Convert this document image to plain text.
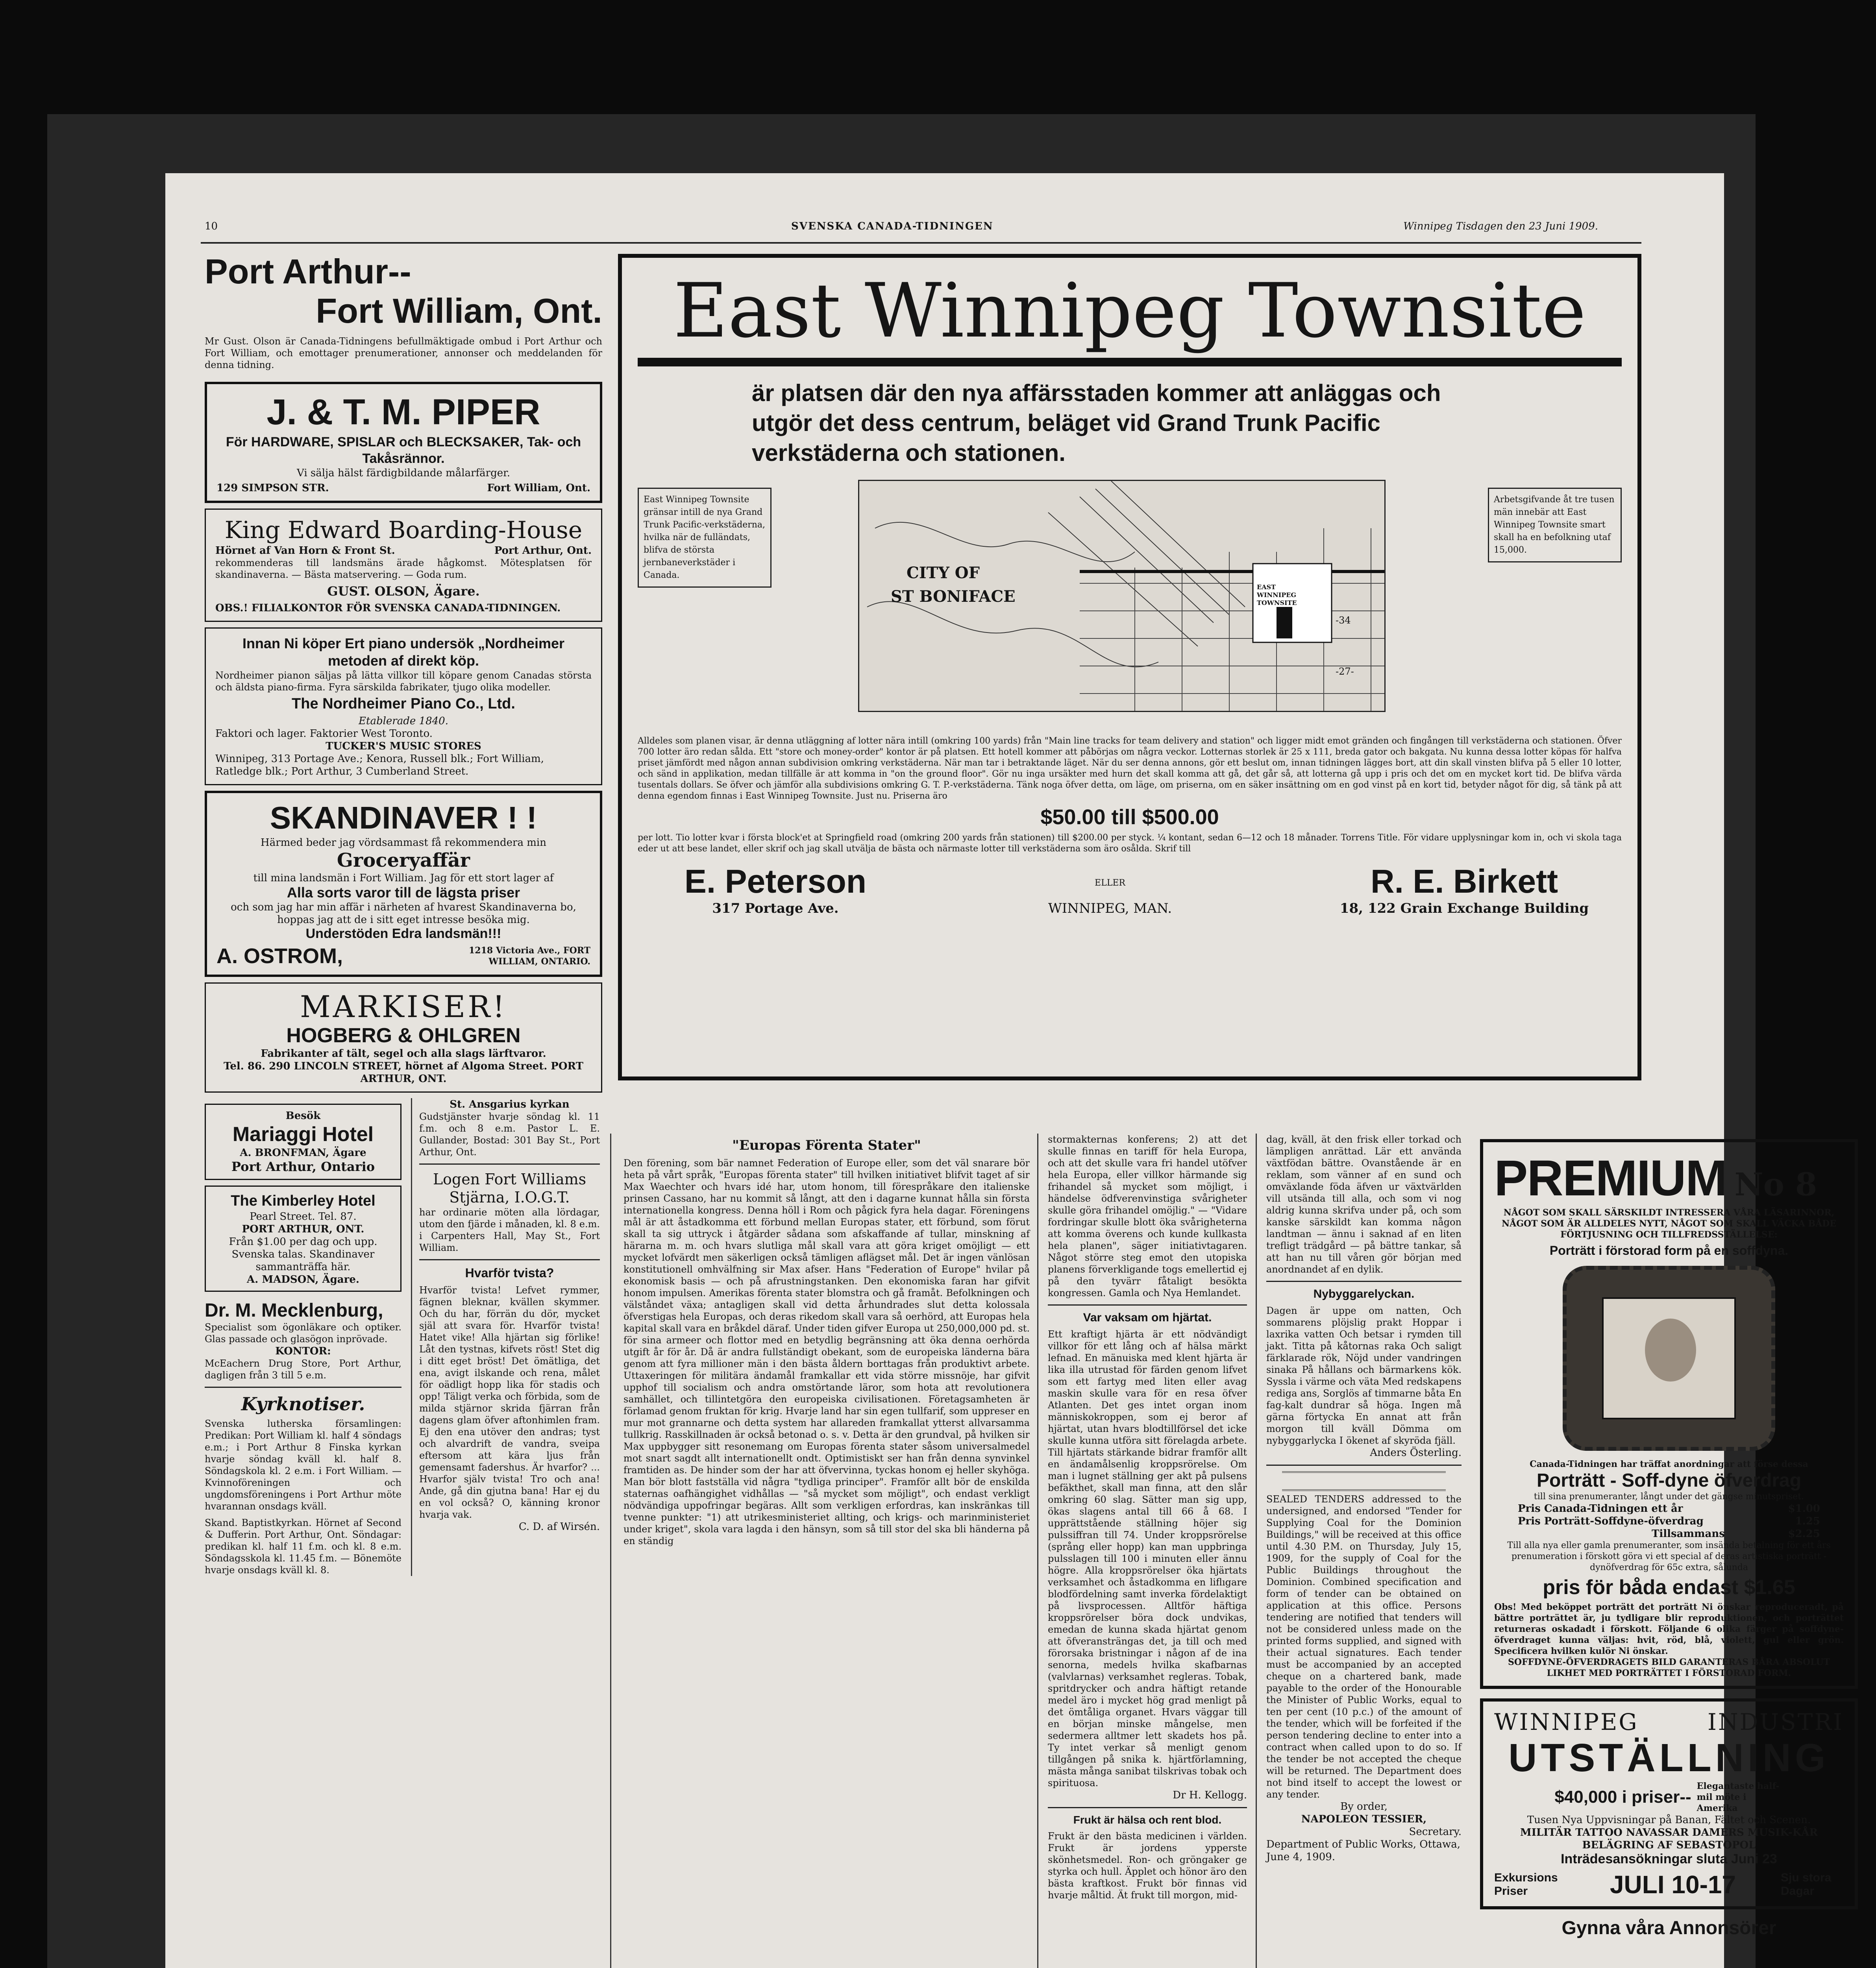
10	SVENSKA CANADA-TIDNINGEN	Winnipeg Tisdagen den 23 Juni 1909.
Port Arthur--
Fort William, Ont.
Mr Gust. Olson är Canada-Tidningens befullmäktigade ombud i Port Arthur och Fort William, och emottager prenumerationer, annonser och meddelanden för denna tidning.
J. & T. M. PIPER
För HARDWARE, SPISLAR och BLECKSAKER, Tak- och Takåsrännor.
Vi sälja hälst färdigbildande målarfärger.
129 SIMPSON STR.	Fort William, Ont.
King Edward Boarding-House
Hörnet af Van Horn & Front St.	Port Arthur, Ont.
rekommenderas till landsmäns ärade hågkomst. Mötesplatsen för skandinaverna. — Bästa matservering. — Goda rum.
GUST. OLSON, Ägare.
OBS.! FILIALKONTOR FÖR SVENSKA CANADA-TIDNINGEN.
Innan Ni köper Ert piano undersök „Nordheimer metoden af direkt köp.
Nordheimer pianon säljas på lätta villkor till köpare genom Canadas största och äldsta piano-firma. Fyra särskilda fabrikater, tjugo olika modeller.
The Nordheimer Piano Co., Ltd.
Etablerade 1840.
Faktori och lager. Faktorier West Toronto.
TUCKER'S MUSIC STORES
Winnipeg, 313 Portage Ave.; Kenora, Russell blk.; Fort William, Ratledge blk.; Port Arthur, 3 Cumberland Street.
SKANDINAVER ! !
Härmed beder jag vördsammast få rekommendera min
Groceryaffär
till mina landsmän i Fort William. Jag för ett stort lager af
Alla sorts varor till de lägsta priser
och som jag har min affär i närheten af hvarest Skandinaverna bo, hoppas jag att de i sitt eget intresse besöka mig.
Understöden Edra landsmän!!!
A. OSTROM,	1218 Victoria Ave., FORT WILLIAM, ONTARIO.
MARKISER!
HOGBERG & OHLGREN
Fabrikanter af tält, segel och alla slags lärftvaror.
Tel. 86. 290 LINCOLN STREET, hörnet af Algoma Street. PORT ARTHUR, ONT.
Besök
Mariaggi Hotel
A. BRONFMAN, Ägare
Port Arthur, Ontario
The Kimberley Hotel
Pearl Street. Tel. 87.
PORT ARTHUR, ONT.
Från $1.00 per dag och upp. Svenska talas. Skandinaver sammanträffa här.
A. MADSON, Ägare.
Dr. M. Mecklenburg,
Specialist som ögonläkare och optiker. Glas passade och glasögon inprövade.
KONTOR:
McEachern Drug Store, Port Arthur, dagligen från 3 till 5 e.m.
Kyrknotiser.
Svenska lutherska församlingen: Predikan: Port William kl. half 4 söndags e.m.; i Port Arthur 8 Finska kyrkan hvarje söndag kväll kl. half 8. Söndagskola kl. 2 e.m. i Fort William. — Kvinnoföreningen och ungdomsföreningens i Port Arthur möte hvarannan onsdags kväll.
Skand. Baptistkyrkan. Hörnet af Second & Dufferin. Port Arthur, Ont. Söndagar: predikan kl. half 11 f.m. och kl. 8 e.m. Söndagsskola kl. 11.45 f.m. — Bönemöte hvarje onsdags kväll kl. 8.
St. Ansgarius kyrkan
Gudstjänster hvarje söndag kl. 11 f.m. och 8 e.m. Pastor L. E. Gullander, Bostad: 301 Bay St., Port Arthur, Ont.
Logen Fort Williams Stjärna, I.O.G.T.
har ordinarie möten alla lördagar, utom den fjärde i månaden, kl. 8 e.m. i Carpenters Hall, May St., Fort William.
Hvarför tvista?
Hvarför tvista! Lefvet rymmer, fägnen bleknar, kvällen skymmer. Och du har, förrän du dör, mycket själ att svara för. Hvarför tvista! Hatet vike! Alla hjärtan sig förlike! Låt den tystnas, kifvets röst! Stet dig i ditt eget bröst! Det ömätliga, det ena, avigt ilskande och rena, målet för oädligt hopp lika för stadis och opp! Täligt verka och förbida, som de milda stjärnor skrida fjärran från dagens glam öfver aftonhimlen fram. Ej den ena utöver den andras; tyst och alvardrift de vandra, sveipa eftersom att kära ljus från gemensamt fadershus. Är hvarfor? ... Hvarfor själv tvista! Tro och ana! Ande, gå din gjutna bana! Har ej du en vol också? O, känning kronor hvarja vak.
C. D. af Wirsén.
East Winnipeg Townsite
är platsen där den nya affärsstaden kommer att anläggas och utgör det dess centrum, beläget vid Grand Trunk Pacific verkstäderna och stationen.
East Winnipeg Townsite gränsar intill de nya Grand Trunk Pacific-verkstäderna, hvilka när de fulländats, blifva de största jernbaneverkstäder i Canada.	CITY OF
ST BONIFACE
EAST WINNIPEG TOWNSITE
-34
-27-
Arbetsgifvande åt tre tusen män innebär att East Winnipeg Townsite smart skall ha en befolkning utaf 15,000.
Alldeles som planen visar, är denna utläggning af lotter nära intill (omkring 100 yards) från "Main line tracks for team delivery and station" och ligger midt emot gränden och fingången till verkstäderna och stationen. Öfver 700 lotter äro redan sålda. Ett "store och money-order" kontor är på platsen. Ett hotell kommer att påbörjas om några veckor. Lotternas storlek är 25 x 111, breda gator och bakgata. Nu kunna dessa lotter köpas för halfva priset jämfördt med någon annan subdivision omkring verkstäderna. När man tar i betraktande läget. När du ser denna annons, gör ett beslut om, innan tidningen lägges bort, att din skall vinsten blifva på 5 eller 10 lotter, och sänd in applikation, medan tillfälle är att komma in "on the ground floor". Gör nu inga ursäkter med hurn det skall komma att gå, det går så, att lotterna gå upp i pris och det om en mycket kort tid. De blifva värda tusentals dollars. Se öfver och jämför alla subdivisions omkring G. T. P.-verkstäderna. Tänk noga öfver detta, om läge, om priserna, om en säker insättning om en god vinst på en kort tid, betyder något för dig, så tänk på att denna egendom finnas i East Winnipeg Townsite. Just nu. Priserna äro
$50.00 till $500.00
per lott. Tio lotter kvar i första block'et at Springfield road (omkring 200 yards från stationen) till $200.00 per styck. ¼ kontant, sedan 6—12 och 18 månader. Torrens Title. För vidare upplysningar kom in, och vi skola taga eder ut att bese landet, eller skrif och jag skall utvälja de bästa och närmaste lotter till verkstäderna som äro osålda. Skrif till
E. Peterson
317 Portage Ave.
ELLER
WINNIPEG, MAN.
R. E. Birkett
18, 122 Grain Exchange Building
"Europas Förenta Stater"
Den förening, som bär namnet Federation of Europe eller, som det väl snarare bör heta på vårt språk, "Europas förenta stater" till hvilken initiativet blifvit taget af sir Max Waechter och hvars idé har, utom honom, till förespråkare den italienske prinsen Cassano, har nu kommit så långt, att den i dagarne kunnat hålla sin första internationella kongress. Denna höll i Rom och pågick fyra hela dagar. Föreningens mål är att åstadkomma ett förbund mellan Europas stater, ett förbund, som förut skall ta sig uttryck i åtgärder sådana som afskaffande af tullar, minskning af härarna m. m. och hvars slutliga mål skall vara att göra kriget omöjligt — ett mycket lofvärdt men säkerligen också tämligen aflägset mål. Det är ingen vänlösan konstitutionell omhvälfning sir Max afser. Hans "Federation of Europe" hvilar på ekonomisk basis — och på afrustningstanken. Den ekonomiska faran har gifvit honom impulsen. Amerikas förenta stater blomstra och gå framåt. Befolkningen och välståndet växa; antagligen skall vid detta århundrades slut detta kolossala öfverstigas hela Europas, och deras rikedom skall vara så oerhörd, att Europas hela kapital skall vara en bråkdel däraf. Under tiden gifver Europa ut 250,000,000 pd. st. för sina armeer och flottor med en betydlig begränsning att öka denna oerhörda utgift år för år. Då är andra fullständigt obekant, som de europeiska länderna bära genom att fyra millioner män i den bästa åldern borttagas från produktivt arbete. Uttaxeringen för militära ändamål framkallar ett vida större missnöje, har gifvit upphof till socialism och andra omstörtande läror, som hota att revolutionera samhället, och tillintetgöra den europeiska civilisationen. Företagsamheten är förlamad genom fruktan för krig. Hvarje land har sin egen tullfarif, som uppreser en mur mot grannarne och detta system har allareden framkallat ytterst allvarsamma tullkrig. Rasskillnaden är också betonad o. s. v. Detta är den grundval, på hvilken sir Max uppbygger sitt resonemang om Europas förenta stater såsom universalmedel mot snart sagdt allt internationellt ondt. Optimistiskt ser han från denna synvinkel framtiden as. De hinder som der har att öfvervinna, tyckas honom ej heller skyhöga. Man bör blott fastställa vid några "tydliga principer". Framför allt bör de enskilda staternas oafhängighet vidhållas — "så mycket som möjligt", och endast verkligt nödvändiga uppofringar begäras. Allt som verkligen erfordras, kan inskränkas till tvenne punkter: "1) att utrikesministeriet allting, och krigs- och marinministeriet under kriget", skola vara lagda i den hänsyn, som så till stor del ska bli händerna på en ständig
stormakternas konferens; 2) att det skulle finnas en tariff för hela Europa, och att det skulle vara fri handel utöfver hela Europa, eller villkor härmande sig frihandel så mycket som möjligt, i händelse ödfverenvinstiga svårigheter skulle göra frihandel omöjlig." — "Vidare fordringar skulle blott öka svårigheterna att komma överens och kunde kullkasta hela planen", säger initiativtagaren. Något större steg emot den utopiska planens förverkligande togs emellertid ej på den tyvärr fåtaligt besökta kongressen. Gamla och Nya Hemlandet.
Var vaksam om hjärtat.
Ett kraftigt hjärta är ett nödvändigt villkor för ett lång och af hälsa märkt lefnad. En mänuiska med klent hjärta är lika illa utrustad för färden genom lifvet som ett fartyg med liten eller avag maskin skulle vara för en resa öfver Atlanten. Det ges intet organ inom människokroppen, som ej beror af hjärtat, utan hvars blodtillförsel det icke skulle kunna utföra sitt förelagda arbete. Till hjärtats stärkande bidrar framför allt en ändamålsenlig kroppsrörelse. Om man i lugnet ställning ger akt på pulsens befäkthet, skall man finna, att den slår omkring 60 slag. Sätter man sig upp, ökas slagens antal till 66 å 68. I upprättstående ställning höjer sig pulssiffran till 74. Under kroppsrörelse (språng eller hopp) kan man uppbringa pulsslagen till 100 i minuten eller ännu högre. Alla kroppsrörelser öka hjärtats verksamhet och åstadkomma en liflıgare blodfördelning samt inverka fördelaktigt på livsprocessen. Alltför häftiga kroppsrörelser böra dock undvikas, emedan de kunna skada hjärtat genom att öfveransträngas det, ja till och med förorsaka bristningar i någon af de ina senorna, medels hvilka skafbarnas (valvlarnas) verksamhet regleras. Tobak, spritdrycker och andra häftigt retande medel äro i mycket hög grad menligt på det ömtåliga organet. Hvars väggar till en början minske mångelse, men sedermera alltmer lett skadets hos på. Ty intet verkar så menligt genom tillgången på snika k. hjärtförlamning, mästa många sanibat tilskrivas tobak och spirituosa.
Dr H. Kellogg.
Frukt är hälsa och rent blod.
Frukt är den bästa medicinen i världen. Frukt är jordens ypperste skönhetsmedel. Ron- och gröngaker ge styrka och hull. Äpplet och hönor äro den bästa kraftkost. Frukt bör finnas vid hvarje måltid. Ät frukt till morgon, mid-
dag, kväll, ät den frisk eller torkad och lämpligen anrättad. Lär ett använda växtfödan bättre. Ovanstående är en reklam, som vänner af en sund och omväxlande föda äfven ur växtvärlden vill utsända till alla, och som vi nog aldrig kunna skrifva under på, och som kanske särskildt kan komma någon landtman — ännu i saknad af en liten trefligt trädgård — på bättre tankar, så att han nu till våren gör början med anordnandet af en dylik.
Nybyggarelyckan.
Dagen är uppe om natten, Och sommarens plöjslig prakt Hoppar i laxrika vatten Och betsar i rymden till jakt. Titta på kåtornas raka Och saligt färklarade rök, Nöjd under vandringen sinaka På hållans och bärmarkens kök. Syssla i värme och väta Med redskapens rediga ans, Sorglös af timmarne båta En fag-kalt dundrar så höga. Ingen må gärna förtycka En annat att från morgon till kväll Dömma om nybyggarlycka I ökenet af skyröda fjäll.
Anders Österling.
SEALED TENDERS addressed to the undersigned, and endorsed "Tender for Supplying Coal for the Dominion Buildings," will be received at this office until 4.30 P.M. on Thursday, July 15, 1909, for the supply of Coal for the Public Buildings throughout the Dominion. Combined specification and form of tender can be obtained on application at this office. Persons tendering are notified that tenders will not be considered unless made on the printed forms supplied, and signed with their actual signatures. Each tender must be accompanied by an accepted cheque on a chartered bank, made payable to the order of the Honourable the Minister of Public Works, equal to ten per cent (10 p.c.) of the amount of the tender, which will be forfeited if the person tendering decline to enter into a contract when called upon to do so. If the tender be not accepted the cheque will be returned. The Department does not bind itself to accept the lowest or any tender.
By order,
NAPOLEON TESSIER,
Secretary.
Department of Public Works, Ottawa, June 4, 1909.
PREMIUM No 8
NÅGOT SOM SKALL SÄRSKILDT INTRESSERA VÅRA LÄSARINNOR, NÅGOT SOM ÄR ALLDELES NYTT, NÅGOT SOM SKALL VÄCKA BÅDE FÖRTJUSNING OCH TILLFREDSSTÄLLELSE:
Porträtt i förstorad form på en soffdyna.
Canada-Tidningen har träffat anordningar att förse dessa
Porträtt - Soff-dyne öfverdrag
till sina prenumeranter, långt under det gängse minutspriset.
Pris Canada-Tidningen ett år	$1.00
Pris Porträtt-Soffdyne-öfverdrag	1.25
Tillsammans	$2.25
Till alla nya eller gamla prenumeranter, som insända betalning för ett års prenumeration i förskott göra vi ett special af deras artistiska porträtt - dynöfverdrag för 65c extra, sålunda
pris för båda endast $1.65
Obs! Med beköppet porträtt det porträtt Ni önskar reproduceradt, på bättre porträttet är, ju tydligare blir reproduktionen, och porträttet returneras oskadadt i förskott. Följande 6 olika färger på soffdyne-öfverdraget kunna väljas: hvit, röd, blå, violett, gul eller grön. Specificera hvilken kulör Ni önskar.
SOFFDYNE-ÖFVERDRAGETS BILD GARANTERAS BÅRA ABSOLUT LIKHET MED PORTRÄTTET I FÖRSTORAD FORM.
WINNIPEG	INDUSTRI
UTSTÄLLNING
$40,000 i priser--
Elegantaste half-mil möte i Amerika
Tusen Nya Uppvisningar på Banan, Fältet och Scenen.
MILITÄR TATTOO NAVASSAR DAMERS MUSIK-KÅR BELÄGRING AF SEBASTOPOL
Inträdesansökningar sluta Juni 23
Exkursions Priser	JULI 10-17	Sju stora Dagar
Gynna våra Annonsörer
